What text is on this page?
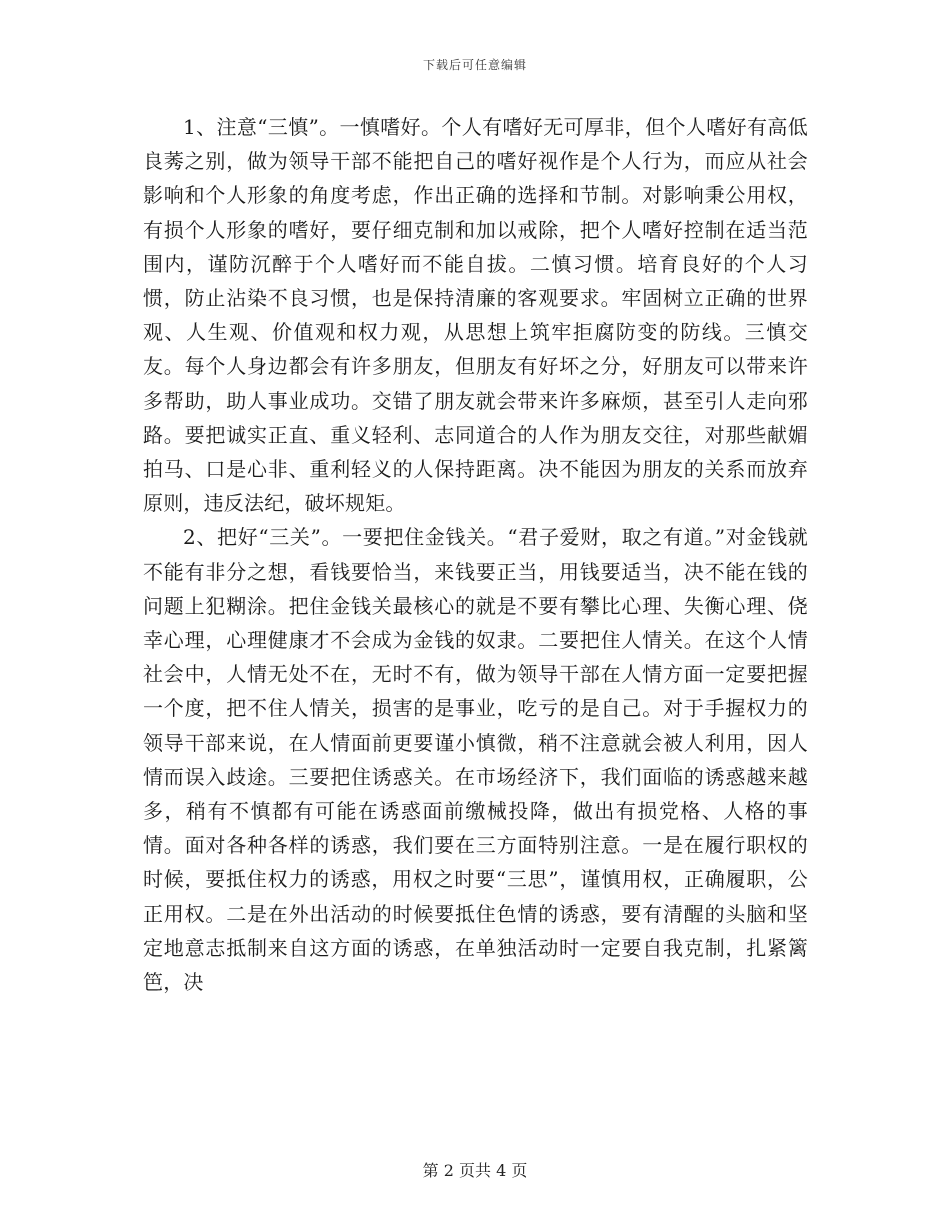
下载后可任意编辑

1、注意“三慎”。一慎嗜好。个人有嗜好无可厚非，但个人嗜好有高低良莠之别，做为领导干部不能把自己的嗜好视作是个人行为，而应从社会影响和个人形象的角度考虑，作出正确的选择和节制。对影响秉公用权，有损个人形象的嗜好，要仔细克制和加以戒除，把个人嗜好控制在适当范围内，谨防沉醉于个人嗜好而不能自拔。二慎习惯。培育良好的个人习惯，防止沾染不良习惯，也是保持清廉的客观要求。牢固树立正确的世界观、人生观、价值观和权力观，从思想上筑牢拒腐防变的防线。三慎交友。每个人身边都会有许多朋友，但朋友有好坏之分，好朋友可以带来许多帮助，助人事业成功。交错了朋友就会带来许多麻烦，甚至引人走向邪路。要把诚实正直、重义轻利、志同道合的人作为朋友交往，对那些献媚拍马、口是心非、重利轻义的人保持距离。决不能因为朋友的关系而放弃原则，违反法纪，破坏规矩。

2、把好“三关”。一要把住金钱关。“君子爱财，取之有道。”对金钱就不能有非分之想，看钱要恰当，来钱要正当，用钱要适当，决不能在钱的问题上犯糊涂。把住金钱关最核心的就是不要有攀比心理、失衡心理、侥幸心理，心理健康才不会成为金钱的奴隶。二要把住人情关。在这个人情社会中，人情无处不在，无时不有，做为领导干部在人情方面一定要把握一个度，把不住人情关，损害的是事业，吃亏的是自己。对于手握权力的领导干部来说，在人情面前更要谨小慎微，稍不注意就会被人利用，因人情而误入歧途。三要把住诱惑关。在市场经济下，我们面临的诱惑越来越多，稍有不慎都有可能在诱惑面前缴械投降，做出有损党格、人格的事情。面对各种各样的诱惑，我们要在三方面特别注意。一是在履行职权的时候，要抵住权力的诱惑，用权之时要“三思”，谨慎用权，正确履职，公正用权。二是在外出活动的时候要抵住色情的诱惑，要有清醒的头脑和坚定地意志抵制来自这方面的诱惑，在单独活动时一定要自我克制，扎紧篱笆，决

第 2 页共 4 页
